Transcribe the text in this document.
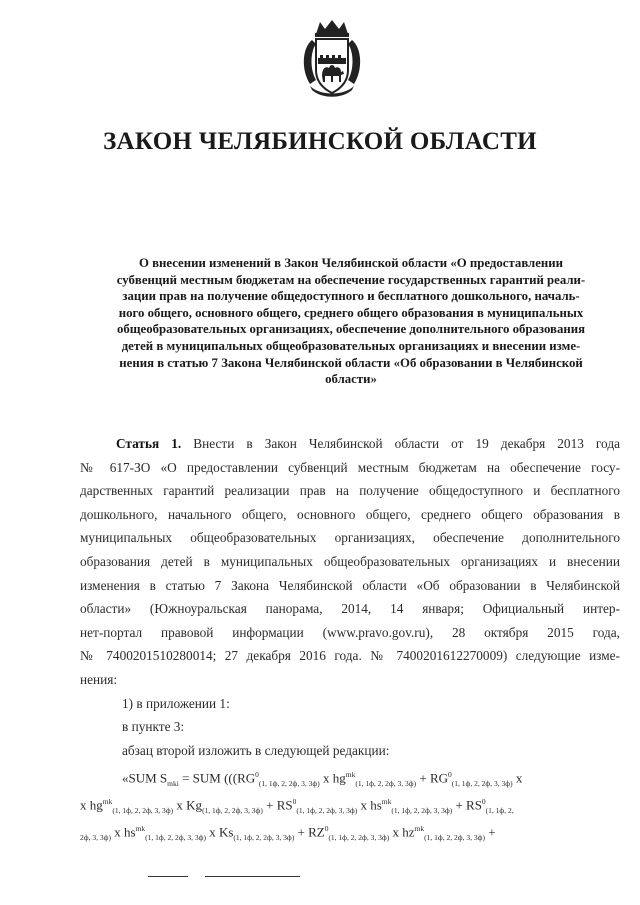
ЗАКОН ЧЕЛЯБИНСКОЙ ОБЛАСТИ
О внесении изменений в Закон Челябинской области «О предоставлении
субвенций местным бюджетам на обеспечение государственных гарантий реали-
зации прав на получение общедоступного и бесплатного дошкольного, началь-
ного общего, основного общего, среднего общего образования в муниципальных
общеобразовательных организациях, обеспечение дополнительного образования
детей в муниципальных общеобразовательных организациях и внесении изме-
нения в статью 7 Закона Челябинской области «Об образовании в Челябинской
области»
Статья 1. Внести в Закон Челябинской области от 19 декабря 2013 года
№ 617-ЗО «О предоставлении субвенций местным бюджетам на обеспечение госу-
дарственных гарантий реализации прав на получение общедоступного и бесплатного
дошкольного, начального общего, основного общего, среднего общего образования в
муниципальных общеобразовательных организациях, обеспечение дополнительного
образования детей в муниципальных общеобразовательных организациях и внесении
изменения в статью 7 Закона Челябинской области «Об образовании в Челябинской
области» (Южноуральская панорама, 2014, 14 января; Официальный интер-
нет-портал правовой информации (www.pravo.gov.ru), 28 октября 2015 года,
№ 7400201510280014; 27 декабря 2016 года. № 7400201612270009) следующие изме-
нения:
1) в приложении 1:
в пункте 3:
абзац второй изложить в следующей редакции:
«SUM $S_{mki}$ = SUM ((($RG^0_{(1, 1ф, 2, 2ф, 3, 3ф)}$ x $hg^{mk}_{(1, 1ф, 2, 2ф, 3, 3ф)} + RG^0_{(1, 1ф, 2, 2ф, 3, 3ф)}$ x
x $hg^{mk}_{(1, 1ф, 2, 2ф, 3, 3ф)}$ x $Kg_{(1, 1ф, 2, 2ф, 3, 3ф)} + RS^0_{(1, 1ф, 2, 2ф, 3, 3ф)}$ x $hs^{mk}_{(1, 1ф, 2, 2ф, 3, 3ф)} + RS^0_{(1, 1ф, 2,}$
$_{2ф, 3, 3ф)}$ x $hs^{mk}_{(1, 1ф, 2, 2ф, 3, 3ф)}$ x $Ks_{(1, 1ф, 2, 2ф, 3, 3ф)} + RZ^0_{(1, 1ф, 2, 2ф, 3, 3ф)}$ x $hz^{mk}_{(1, 1ф, 2, 2ф, 3, 3ф)}$ +
